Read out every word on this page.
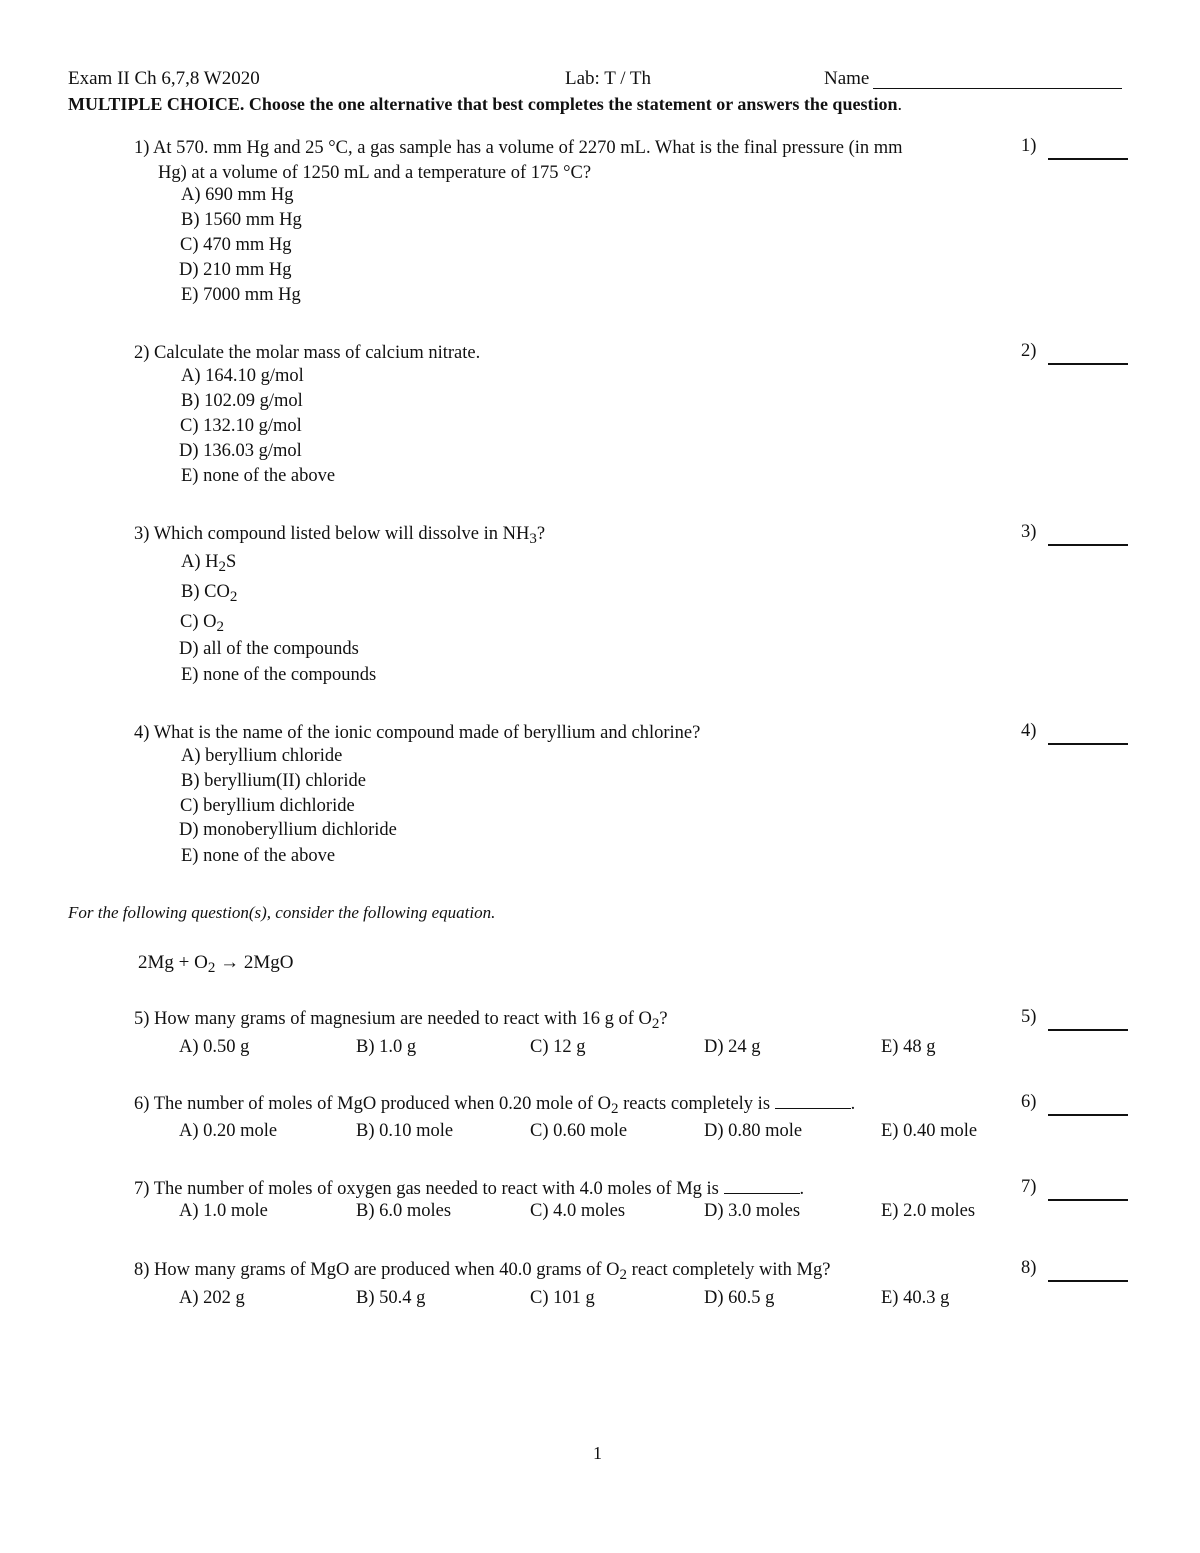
Exam II Ch 6,7,8 W2020	Lab: T / Th	Name
MULTIPLE CHOICE. Choose the one alternative that best completes the statement or answers the question.
1) At 570. mm Hg and 25 °C, a gas sample has a volume of 2270 mL. What is the final pressure (in mm
Hg) at a volume of 1250 mL and a temperature of 175 °C?
A) 690 mm Hg
B) 1560 mm Hg
C) 470 mm Hg
D) 210 mm Hg
E) 7000 mm Hg
1)
2) Calculate the molar mass of calcium nitrate.
A) 164.10 g/mol
B) 102.09 g/mol
C) 132.10 g/mol
D) 136.03 g/mol
E) none of the above
2)
3) Which compound listed below will dissolve in $NH_3$?
A) $H_2S$
B) $CO_2$
C) $O_2$
D) all of the compounds
E) none of the compounds
3)
4) What is the name of the ionic compound made of beryllium and chlorine?
A) beryllium chloride
B) beryllium(II) chloride
C) beryllium dichloride
D) monoberyllium dichloride
E) none of the above
4)
For the following question(s), consider the following equation.
$2Mg + O_2 \to 2MgO$
5) How many grams of magnesium are needed to react with 16 g of $O_2$?
A) 0.50 g	B) 1.0 g	C) 12 g	D) 24 g	E) 48 g
5)
6) The number of moles of MgO produced when 0.20 mole of $O_2$ reacts completely is	.
A) 0.20 mole	B) 0.10 mole	C) 0.60 mole	D) 0.80 mole	E) 0.40 mole
6)
7) The number of moles of oxygen gas needed to react with 4.0 moles of Mg is	.
A) 1.0 mole	B) 6.0 moles	C) 4.0 moles	D) 3.0 moles	E) 2.0 moles
7)
8) How many grams of MgO are produced when 40.0 grams of $O_2$ react completely with Mg?
A) 202 g	B) 50.4 g	C) 101 g	D) 60.5 g	E) 40.3 g
8)
1
